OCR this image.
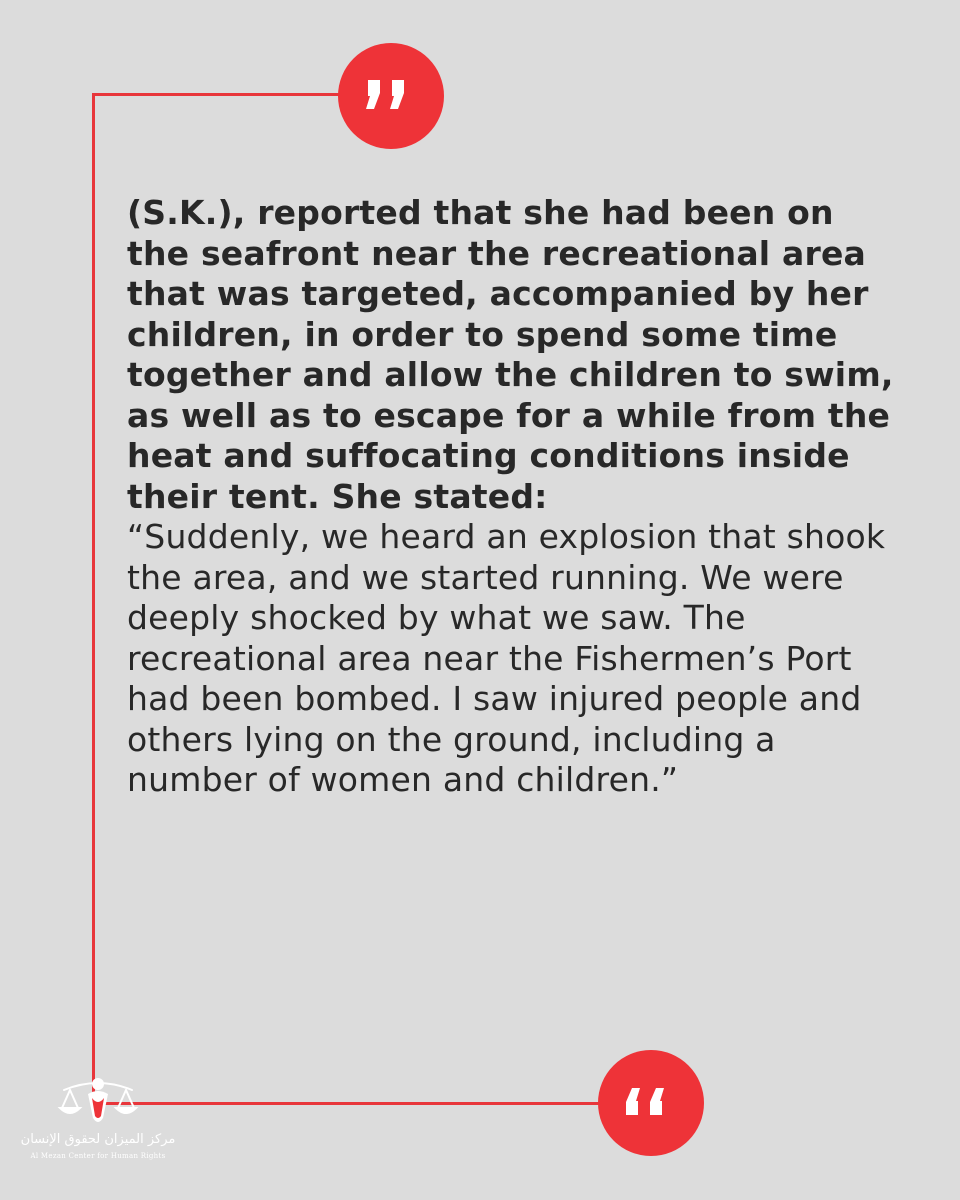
(S.K.), reported that she had been on the seafront near the recreational area that was targeted, accompanied by her children, in order to spend some time together and allow the children to swim, as well as to escape for a while from the heat and suffocating conditions inside their tent. She stated:
“Suddenly, we heard an explosion that shook the area, and we started running. We were deeply shocked by what we saw. The recreational area near the Fishermen’s Port had been bombed. I saw injured people and others lying on the ground, including a number of women and children.”
مركز الميزان لحقوق الإنسان
Al Mezan Center for Human Rights
